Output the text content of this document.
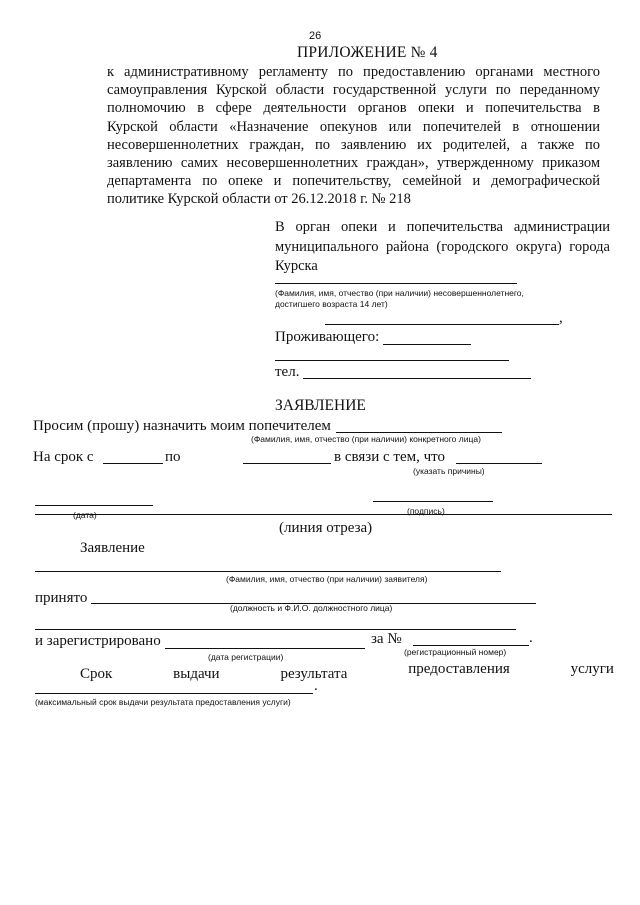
26
ПРИЛОЖЕНИЕ № 4
к административному регламенту по предоставлению органами местного
самоуправления Курской области государственной услуги по переданному
полномочию в сфере деятельности органов опеки и попечительства в
Курской области «Назначение опекунов или попечителей в отношении
несовершеннолетних граждан, по заявлению их родителей, а также по
заявлению самих несовершеннолетних граждан», утвержденному приказом
департамента по опеке и попечительству, семейной и демографической
политике Курской области от 26.12.2018 г. № 218
В орган опеки и попечительства администрации
муниципального района (городского округа) города
Курска
(Фамилия, имя, отчество (при наличии) несовершеннолетнего,
достигшего возраста 14 лет)
,
Проживающего:
тел.
ЗАЯВЛЕНИЕ
Просим (прошу) назначить моим попечителем
(Фамилия, имя, отчество (при наличии) конкретного лица)
На срок с	по	в связи с тем, что
(указать причины)
(дата)	(подпись)
(линия отреза)
Заявление
(Фамилия, имя, отчество (при наличии) заявителя)
принято
(должность и Ф.И.О. должностного лица)
и зарегистрировано	за №	.
(дата регистрации)	(регистрационный номер)
Срок	выдачи	результата	предоставления	услуги
.
(максимальный срок выдачи результата предоставления услуги)
